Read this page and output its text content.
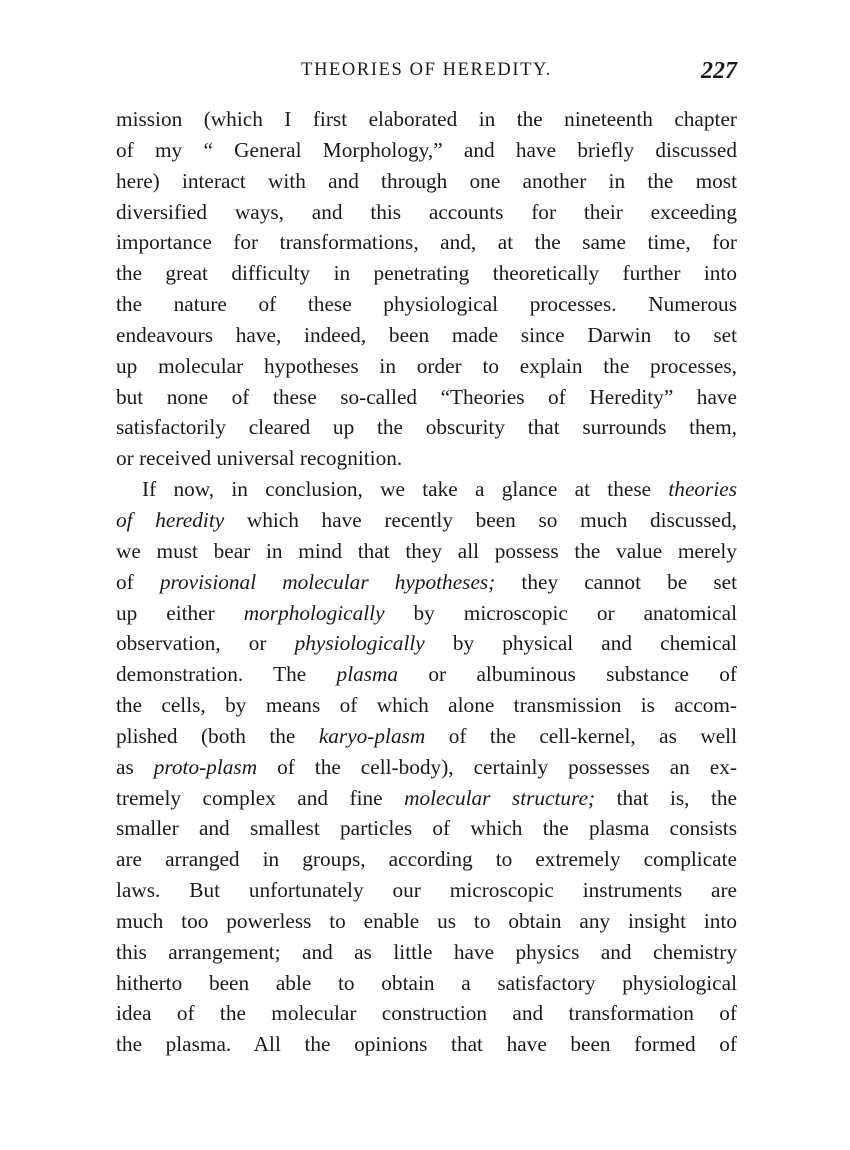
THEORIES OF HEREDITY.	227
mission (which I first elaborated in the nineteenth chapter
of my “ General Morphology,” and have briefly discussed
here) interact with and through one another in the most
diversified ways, and this accounts for their exceeding
importance for transformations, and, at the same time, for
the great difficulty in penetrating theoretically further into
the nature of these physiological processes. Numerous
endeavours have, indeed, been made since Darwin to set
up molecular hypotheses in order to explain the processes,
but none of these so-called “Theories of Heredity” have
satisfactorily cleared up the obscurity that surrounds them,
or received universal recognition.
If now, in conclusion, we take a glance at these theories
of heredity which have recently been so much discussed,
we must bear in mind that they all possess the value merely
of provisional molecular hypotheses; they cannot be set
up either morphologically by microscopic or anatomical
observation, or physiologically by physical and chemical
demonstration. The plasma or albuminous substance of
the cells, by means of which alone transmission is accom-
plished (both the karyo-plasm of the cell-kernel, as well
as proto-plasm of the cell-body), certainly possesses an ex-
tremely complex and fine molecular structure; that is, the
smaller and smallest particles of which the plasma consists
are arranged in groups, according to extremely complicate
laws. But unfortunately our microscopic instruments are
much too powerless to enable us to obtain any insight into
this arrangement; and as little have physics and chemistry
hitherto been able to obtain a satisfactory physiological
idea of the molecular construction and transformation of
the plasma. All the opinions that have been formed of
